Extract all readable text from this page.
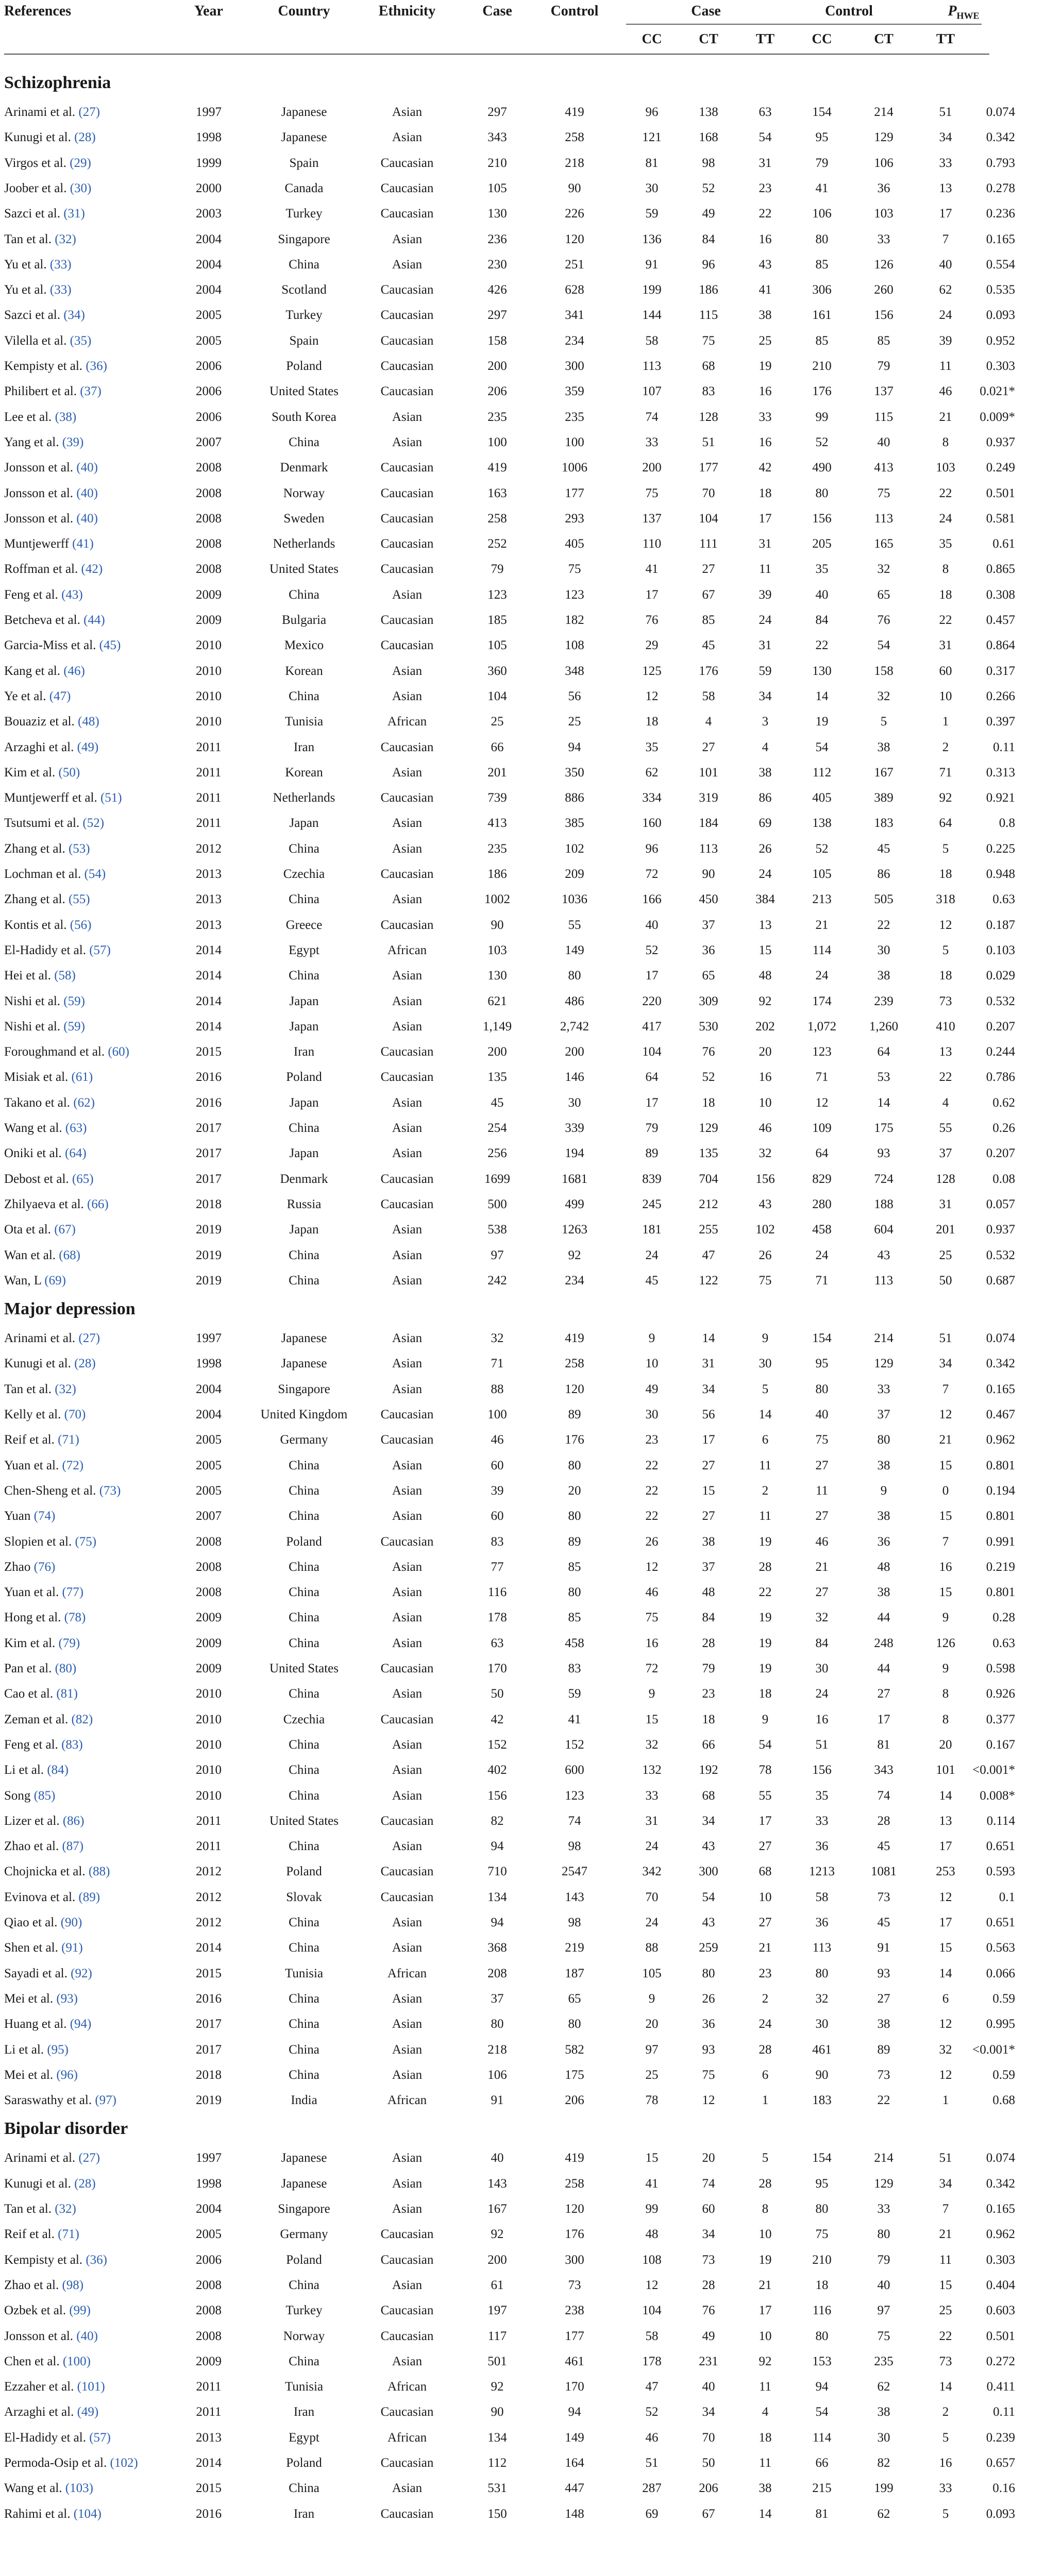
References	Year	Country	Ethnicity	Case	Control	Case	Control	$P_{HWE}$
CC	CT	TT	CC	CT	TT
Schizophrenia
Arinami et al. (27)	1997	Japanese	Asian	297	419	96	138	63	154	214	51	0.074
Kunugi et al. (28)	1998	Japanese	Asian	343	258	121	168	54	95	129	34	0.342
Virgos et al. (29)	1999	Spain	Caucasian	210	218	81	98	31	79	106	33	0.793
Joober et al. (30)	2000	Canada	Caucasian	105	90	30	52	23	41	36	13	0.278
Sazci et al. (31)	2003	Turkey	Caucasian	130	226	59	49	22	106	103	17	0.236
Tan et al. (32)	2004	Singapore	Asian	236	120	136	84	16	80	33	7	0.165
Yu et al. (33)	2004	China	Asian	230	251	91	96	43	85	126	40	0.554
Yu et al. (33)	2004	Scotland	Caucasian	426	628	199	186	41	306	260	62	0.535
Sazci et al. (34)	2005	Turkey	Caucasian	297	341	144	115	38	161	156	24	0.093
Vilella et al. (35)	2005	Spain	Caucasian	158	234	58	75	25	85	85	39	0.952
Kempisty et al. (36)	2006	Poland	Caucasian	200	300	113	68	19	210	79	11	0.303
Philibert et al. (37)	2006	United States	Caucasian	206	359	107	83	16	176	137	46	0.021*
Lee et al. (38)	2006	South Korea	Asian	235	235	74	128	33	99	115	21	0.009*
Yang et al. (39)	2007	China	Asian	100	100	33	51	16	52	40	8	0.937
Jonsson et al. (40)	2008	Denmark	Caucasian	419	1006	200	177	42	490	413	103	0.249
Jonsson et al. (40)	2008	Norway	Caucasian	163	177	75	70	18	80	75	22	0.501
Jonsson et al. (40)	2008	Sweden	Caucasian	258	293	137	104	17	156	113	24	0.581
Muntjewerff (41)	2008	Netherlands	Caucasian	252	405	110	111	31	205	165	35	0.61
Roffman et al. (42)	2008	United States	Caucasian	79	75	41	27	11	35	32	8	0.865
Feng et al. (43)	2009	China	Asian	123	123	17	67	39	40	65	18	0.308
Betcheva et al. (44)	2009	Bulgaria	Caucasian	185	182	76	85	24	84	76	22	0.457
Garcia-Miss et al. (45)	2010	Mexico	Caucasian	105	108	29	45	31	22	54	31	0.864
Kang et al. (46)	2010	Korean	Asian	360	348	125	176	59	130	158	60	0.317
Ye et al. (47)	2010	China	Asian	104	56	12	58	34	14	32	10	0.266
Bouaziz et al. (48)	2010	Tunisia	African	25	25	18	4	3	19	5	1	0.397
Arzaghi et al. (49)	2011	Iran	Caucasian	66	94	35	27	4	54	38	2	0.11
Kim et al. (50)	2011	Korean	Asian	201	350	62	101	38	112	167	71	0.313
Muntjewerff et al. (51)	2011	Netherlands	Caucasian	739	886	334	319	86	405	389	92	0.921
Tsutsumi et al. (52)	2011	Japan	Asian	413	385	160	184	69	138	183	64	0.8
Zhang et al. (53)	2012	China	Asian	235	102	96	113	26	52	45	5	0.225
Lochman et al. (54)	2013	Czechia	Caucasian	186	209	72	90	24	105	86	18	0.948
Zhang et al. (55)	2013	China	Asian	1002	1036	166	450	384	213	505	318	0.63
Kontis et al. (56)	2013	Greece	Caucasian	90	55	40	37	13	21	22	12	0.187
El-Hadidy et al. (57)	2014	Egypt	African	103	149	52	36	15	114	30	5	0.103
Hei et al. (58)	2014	China	Asian	130	80	17	65	48	24	38	18	0.029
Nishi et al. (59)	2014	Japan	Asian	621	486	220	309	92	174	239	73	0.532
Nishi et al. (59)	2014	Japan	Asian	1,149	2,742	417	530	202	1,072	1,260	410	0.207
Foroughmand et al. (60)	2015	Iran	Caucasian	200	200	104	76	20	123	64	13	0.244
Misiak et al. (61)	2016	Poland	Caucasian	135	146	64	52	16	71	53	22	0.786
Takano et al. (62)	2016	Japan	Asian	45	30	17	18	10	12	14	4	0.62
Wang et al. (63)	2017	China	Asian	254	339	79	129	46	109	175	55	0.26
Oniki et al. (64)	2017	Japan	Asian	256	194	89	135	32	64	93	37	0.207
Debost et al. (65)	2017	Denmark	Caucasian	1699	1681	839	704	156	829	724	128	0.08
Zhilyaeva et al. (66)	2018	Russia	Caucasian	500	499	245	212	43	280	188	31	0.057
Ota et al. (67)	2019	Japan	Asian	538	1263	181	255	102	458	604	201	0.937
Wan et al. (68)	2019	China	Asian	97	92	24	47	26	24	43	25	0.532
Wan, L (69)	2019	China	Asian	242	234	45	122	75	71	113	50	0.687
Major depression
Arinami et al. (27)	1997	Japanese	Asian	32	419	9	14	9	154	214	51	0.074
Kunugi et al. (28)	1998	Japanese	Asian	71	258	10	31	30	95	129	34	0.342
Tan et al. (32)	2004	Singapore	Asian	88	120	49	34	5	80	33	7	0.165
Kelly et al. (70)	2004	United Kingdom	Caucasian	100	89	30	56	14	40	37	12	0.467
Reif et al. (71)	2005	Germany	Caucasian	46	176	23	17	6	75	80	21	0.962
Yuan et al. (72)	2005	China	Asian	60	80	22	27	11	27	38	15	0.801
Chen-Sheng et al. (73)	2005	China	Asian	39	20	22	15	2	11	9	0	0.194
Yuan (74)	2007	China	Asian	60	80	22	27	11	27	38	15	0.801
Slopien et al. (75)	2008	Poland	Caucasian	83	89	26	38	19	46	36	7	0.991
Zhao (76)	2008	China	Asian	77	85	12	37	28	21	48	16	0.219
Yuan et al. (77)	2008	China	Asian	116	80	46	48	22	27	38	15	0.801
Hong et al. (78)	2009	China	Asian	178	85	75	84	19	32	44	9	0.28
Kim et al. (79)	2009	China	Asian	63	458	16	28	19	84	248	126	0.63
Pan et al. (80)	2009	United States	Caucasian	170	83	72	79	19	30	44	9	0.598
Cao et al. (81)	2010	China	Asian	50	59	9	23	18	24	27	8	0.926
Zeman et al. (82)	2010	Czechia	Caucasian	42	41	15	18	9	16	17	8	0.377
Feng et al. (83)	2010	China	Asian	152	152	32	66	54	51	81	20	0.167
Li et al. (84)	2010	China	Asian	402	600	132	192	78	156	343	101	<0.001*
Song (85)	2010	China	Asian	156	123	33	68	55	35	74	14	0.008*
Lizer et al. (86)	2011	United States	Caucasian	82	74	31	34	17	33	28	13	0.114
Zhao et al. (87)	2011	China	Asian	94	98	24	43	27	36	45	17	0.651
Chojnicka et al. (88)	2012	Poland	Caucasian	710	2547	342	300	68	1213	1081	253	0.593
Evinova et al. (89)	2012	Slovak	Caucasian	134	143	70	54	10	58	73	12	0.1
Qiao et al. (90)	2012	China	Asian	94	98	24	43	27	36	45	17	0.651
Shen et al. (91)	2014	China	Asian	368	219	88	259	21	113	91	15	0.563
Sayadi et al. (92)	2015	Tunisia	African	208	187	105	80	23	80	93	14	0.066
Mei et al. (93)	2016	China	Asian	37	65	9	26	2	32	27	6	0.59
Huang et al. (94)	2017	China	Asian	80	80	20	36	24	30	38	12	0.995
Li et al. (95)	2017	China	Asian	218	582	97	93	28	461	89	32	<0.001*
Mei et al. (96)	2018	China	Asian	106	175	25	75	6	90	73	12	0.59
Saraswathy et al. (97)	2019	India	African	91	206	78	12	1	183	22	1	0.68
Bipolar disorder
Arinami et al. (27)	1997	Japanese	Asian	40	419	15	20	5	154	214	51	0.074
Kunugi et al. (28)	1998	Japanese	Asian	143	258	41	74	28	95	129	34	0.342
Tan et al. (32)	2004	Singapore	Asian	167	120	99	60	8	80	33	7	0.165
Reif et al. (71)	2005	Germany	Caucasian	92	176	48	34	10	75	80	21	0.962
Kempisty et al. (36)	2006	Poland	Caucasian	200	300	108	73	19	210	79	11	0.303
Zhao et al. (98)	2008	China	Asian	61	73	12	28	21	18	40	15	0.404
Ozbek et al. (99)	2008	Turkey	Caucasian	197	238	104	76	17	116	97	25	0.603
Jonsson et al. (40)	2008	Norway	Caucasian	117	177	58	49	10	80	75	22	0.501
Chen et al. (100)	2009	China	Asian	501	461	178	231	92	153	235	73	0.272
Ezzaher et al. (101)	2011	Tunisia	African	92	170	47	40	11	94	62	14	0.411
Arzaghi et al. (49)	2011	Iran	Caucasian	90	94	52	34	4	54	38	2	0.11
El-Hadidy et al. (57)	2013	Egypt	African	134	149	46	70	18	114	30	5	0.239
Permoda-Osip et al. (102)	2014	Poland	Caucasian	112	164	51	50	11	66	82	16	0.657
Wang et al. (103)	2015	China	Asian	531	447	287	206	38	215	199	33	0.16
Rahimi et al. (104)	2016	Iran	Caucasian	150	148	69	67	14	81	62	5	0.093
